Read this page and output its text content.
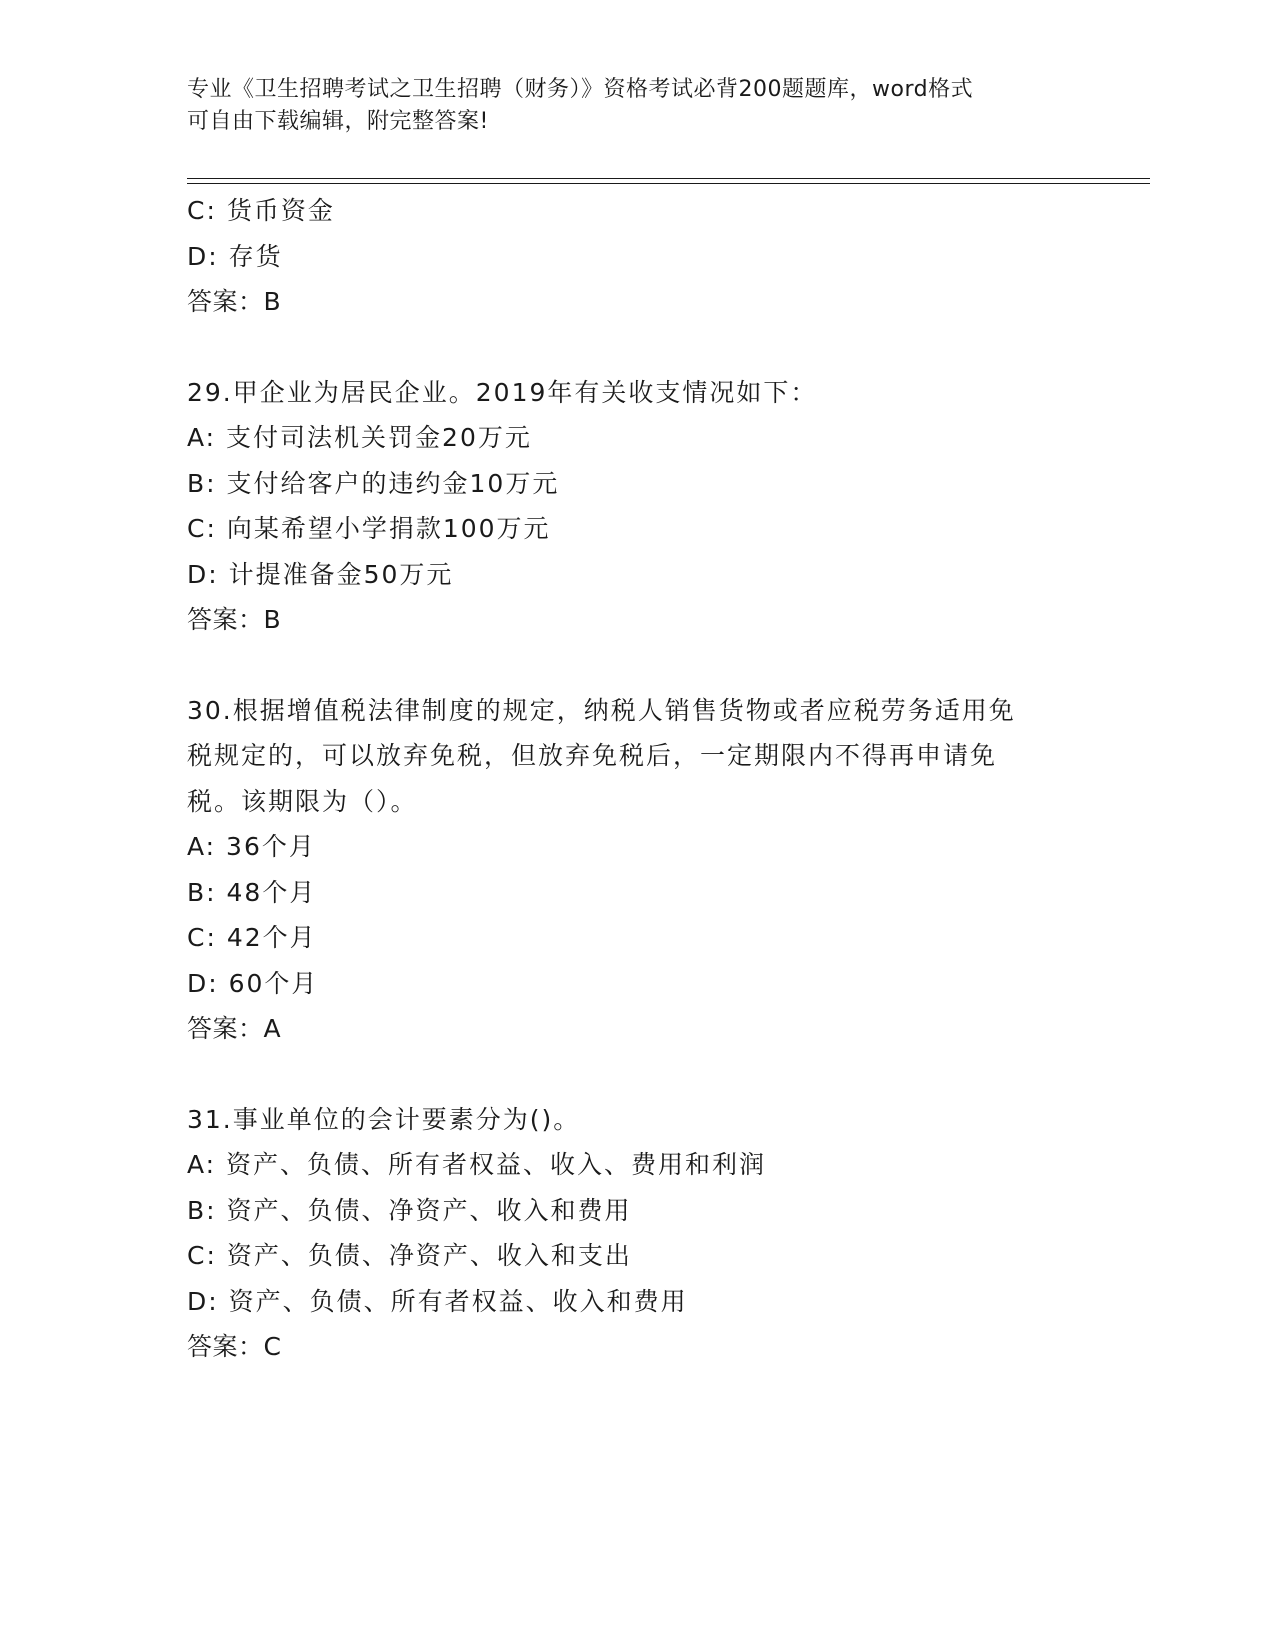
专业《卫生招聘考试之卫生招聘（财务）》资格考试必背200题题库，word格式
可自由下载编辑，附完整答案!
C: 货币资金
D: 存货
答案：B
29.甲企业为居民企业。2019年有关收支情况如下：
A: 支付司法机关罚金20万元
B: 支付给客户的违约金10万元
C: 向某希望小学捐款100万元
D: 计提准备金50万元
答案：B
30.根据增值税法律制度的规定，纳税人销售货物或者应税劳务适用免
税规定的，可以放弃免税，但放弃免税后，一定期限内不得再申请免
税。该期限为（）。
A: 36个月
B: 48个月
C: 42个月
D: 60个月
答案：A
31.事业单位的会计要素分为()。
A: 资产、负债、所有者权益、收入、费用和利润
B: 资产、负债、净资产、收入和费用
C: 资产、负债、净资产、收入和支出
D: 资产、负债、所有者权益、收入和费用
答案：C
